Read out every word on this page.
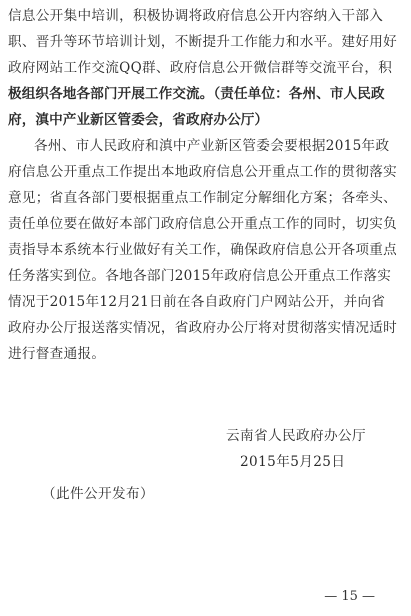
信息公开集中培训，积极协调将政府信息公开内容纳入干部入
职、晋升等环节培训计划，不断提升工作能力和水平。建好用好
政府网站工作交流QQ群、政府信息公开微信群等交流平台，积
极组织各地各部门开展工作交流。（责任单位：各州、市人民政
府，滇中产业新区管委会，省政府办公厅）
各州、市人民政府和滇中产业新区管委会要根据2015年政
府信息公开重点工作提出本地政府信息公开重点工作的贯彻落实
意见；省直各部门要根据重点工作制定分解细化方案；各牵头、
责任单位要在做好本部门政府信息公开重点工作的同时，切实负
责指导本系统本行业做好有关工作，确保政府信息公开各项重点
任务落实到位。各地各部门2015年政府信息公开重点工作落实
情况于2015年12月21日前在各自政府门户网站公开，并向省
政府办公厅报送落实情况，省政府办公厅将对贯彻落实情况适时
进行督查通报。
云南省人民政府办公厅
2015年5月25日
（此件公开发布）
— 15 —
